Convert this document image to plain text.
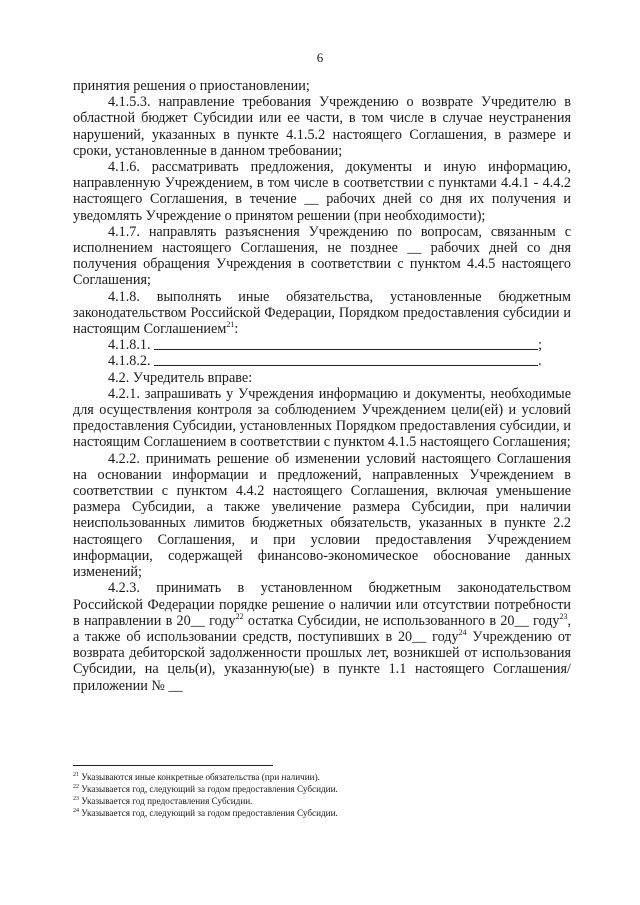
6

принятия решения о приостановлении;

4.1.5.3. направление требования Учреждению о возврате Учредителю в областной бюджет Субсидии или ее части, в том числе в случае неустранения нарушений, указанных в пункте 4.1.5.2 настоящего Соглашения, в размере и сроки, установленные в данном требовании;

4.1.6. рассматривать предложения, документы и иную информацию, направленную Учреждением, в том числе в соответствии с пунктами 4.4.1 - 4.4.2 настоящего Соглашения, в течение __ рабочих дней со дня их получения и уведомлять Учреждение о принятом решении (при необходимости);

4.1.7. направлять разъяснения Учреждению по вопросам, связанным с исполнением настоящего Соглашения, не позднее __ рабочих дней со дня получения обращения Учреждения в соответствии с пунктом 4.4.5 настоящего Соглашения;

4.1.8. выполнять иные обязательства, установленные бюджетным законодательством Российской Федерации, Порядком предоставления субсидии и настоящим Соглашением$^{21}$:

4.1.8.1.	;

4.1.8.2.	.

4.2. Учредитель вправе:

4.2.1. запрашивать у Учреждения информацию и документы, необходимые для осуществления контроля за соблюдением Учреждением цели(ей) и условий предоставления Субсидии, установленных Порядком предоставления субсидии, и настоящим Соглашением в соответствии с пунктом 4.1.5 настоящего Соглашения;

4.2.2. принимать решение об изменении условий настоящего Соглашения на основании информации и предложений, направленных Учреждением в соответствии с пунктом 4.4.2 настоящего Соглашения, включая уменьшение размера Субсидии, а также увеличение размера Субсидии, при наличии неиспользованных лимитов бюджетных обязательств, указанных в пункте 2.2 настоящего Соглашения, и при условии предоставления Учреждением информации, содержащей финансово-экономическое обоснование данных изменений;

4.2.3. принимать в установленном бюджетным законодательством Российской Федерации порядке решение о наличии или отсутствии потребности в направлении в 20__ году$^{22}$ остатка Субсидии, не использованного в 20__ году$^{23}$, а также об использовании средств, поступивших в 20__ году$^{24}$ Учреждению от возврата дебиторской задолженности прошлых лет, возникшей от использования Субсидии, на цель(и), указанную(ые) в пункте 1.1 настоящего Соглашения/приложении № __

$^{21}$ Указываются иные конкретные обязательства (при наличии).
$^{22}$ Указывается год, следующий за годом предоставления Субсидии.
$^{23}$ Указывается год предоставления Субсидии.
$^{24}$ Указывается год, следующий за годом предоставления Субсидии.
